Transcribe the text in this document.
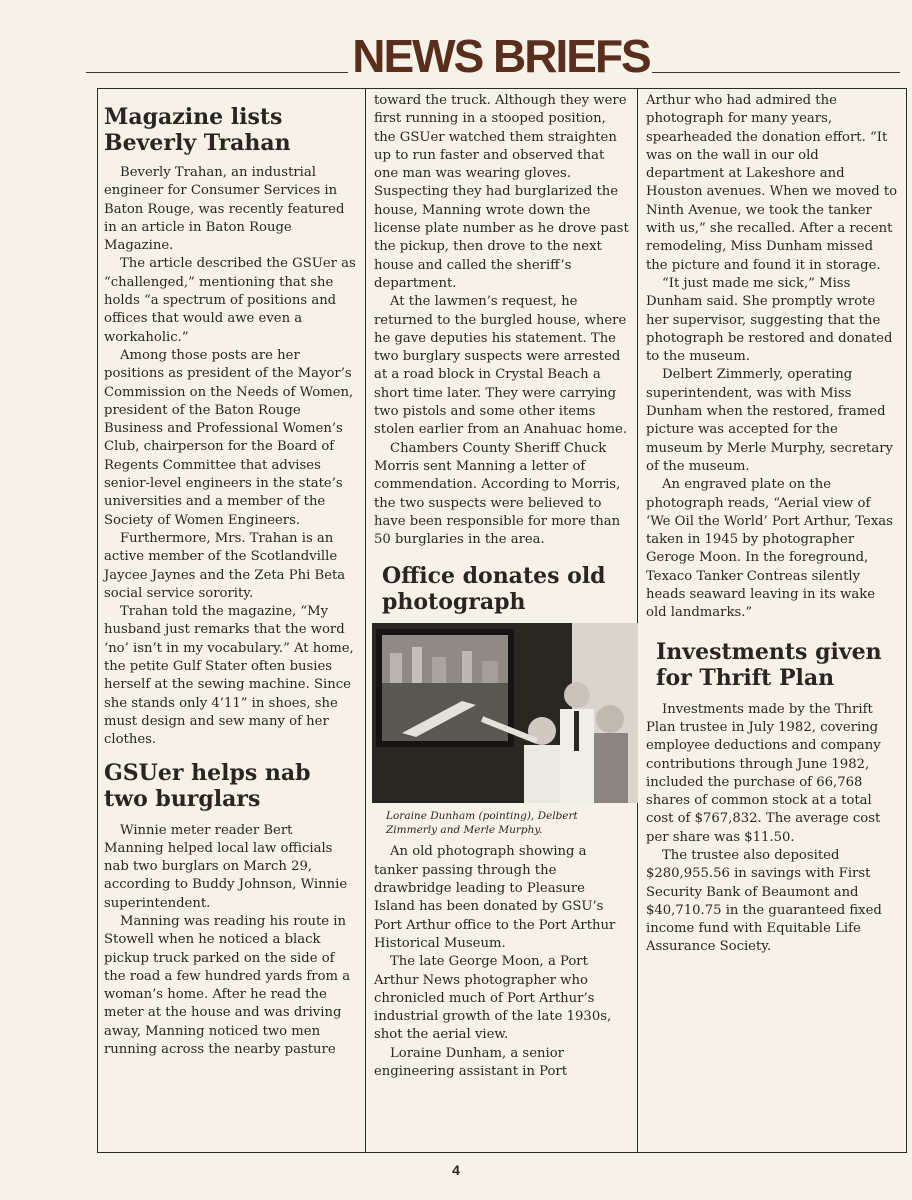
NEWS BRIEFS
Magazine lists Beverly Trahan

Beverly Trahan, an industrial engineer for Consumer Services in Baton Rouge, was recently featured in an article in Baton Rouge Magazine.

The article described the GSUer as “challenged,” mentioning that she holds “a spectrum of positions and offices that would awe even a workaholic.”

Among those posts are her positions as president of the Mayor’s Commission on the Needs of Women, president of the Baton Rouge Business and Professional Women’s Club, chairperson for the Board of Regents Committee that advises senior-level engineers in the state’s universities and a member of the Society of Women Engineers.

Furthermore, Mrs. Trahan is an active member of the Scotlandville Jaycee Jaynes and the Zeta Phi Beta social service sorority.

Trahan told the magazine, “My husband just remarks that the word ‘no’ isn’t in my vocabulary.” At home, the petite Gulf Stater often busies herself at the sewing machine. Since she stands only 4’11” in shoes, she must design and sew many of her clothes.

GSUer helps nab two burglars

Winnie meter reader Bert Manning helped local law officials nab two burglars on March 29, according to Buddy Johnson, Winnie superintendent.

Manning was reading his route in Stowell when he noticed a black pickup truck parked on the side of the road a few hundred yards from a woman’s home. After he read the meter at the house and was driving away, Manning noticed two men running across the nearby pasture

toward the truck. Although they were first running in a stooped position, the GSUer watched them straighten up to run faster and observed that one man was wearing gloves. Suspecting they had burglarized the house, Manning wrote down the license plate number as he drove past the pickup, then drove to the next house and called the sheriff’s department.

At the lawmen’s request, he returned to the burgled house, where he gave deputies his statement. The two burglary suspects were arrested at a road block in Crystal Beach a short time later. They were carrying two pistols and some other items stolen earlier from an Anahuac home.

Chambers County Sheriff Chuck Morris sent Manning a letter of commendation. According to Morris, the two suspects were believed to have been responsible for more than 50 burglaries in the area.

Office donates old photograph
Loraine Dunham (pointing), Delbert Zimmerly and Merle Murphy.

An old photograph showing a tanker passing through the drawbridge leading to Pleasure Island has been donated by GSU’s Port Arthur office to the Port Arthur Historical Museum.

The late George Moon, a Port Arthur News photographer who chronicled much of Port Arthur’s industrial growth of the late 1930s, shot the aerial view.

Loraine Dunham, a senior engineering assistant in Port

Arthur who had admired the photograph for many years, spearheaded the donation effort. “It was on the wall in our old department at Lakeshore and Houston avenues. When we moved to Ninth Avenue, we took the tanker with us,” she recalled. After a recent remodeling, Miss Dunham missed the picture and found it in storage.

“It just made me sick,” Miss Dunham said. She promptly wrote her supervisor, suggesting that the photograph be restored and donated to the museum.

Delbert Zimmerly, operating superintendent, was with Miss Dunham when the restored, framed picture was accepted for the museum by Merle Murphy, secretary of the museum.

An engraved plate on the photograph reads, “Aerial view of ‘We Oil the World’ Port Arthur, Texas taken in 1945 by photographer Geroge Moon. In the foreground, Texaco Tanker Contreas silently heads seaward leaving in its wake old landmarks.”

Investments given for Thrift Plan

Investments made by the Thrift Plan trustee in July 1982, covering employee deductions and company contributions through June 1982, included the purchase of 66,768 shares of common stock at a total cost of $767,832. The average cost per share was $11.50.

The trustee also deposited $280,955.56 in savings with First Security Bank of Beaumont and $40,710.75 in the guaranteed fixed income fund with Equitable Life Assurance Society.

4
